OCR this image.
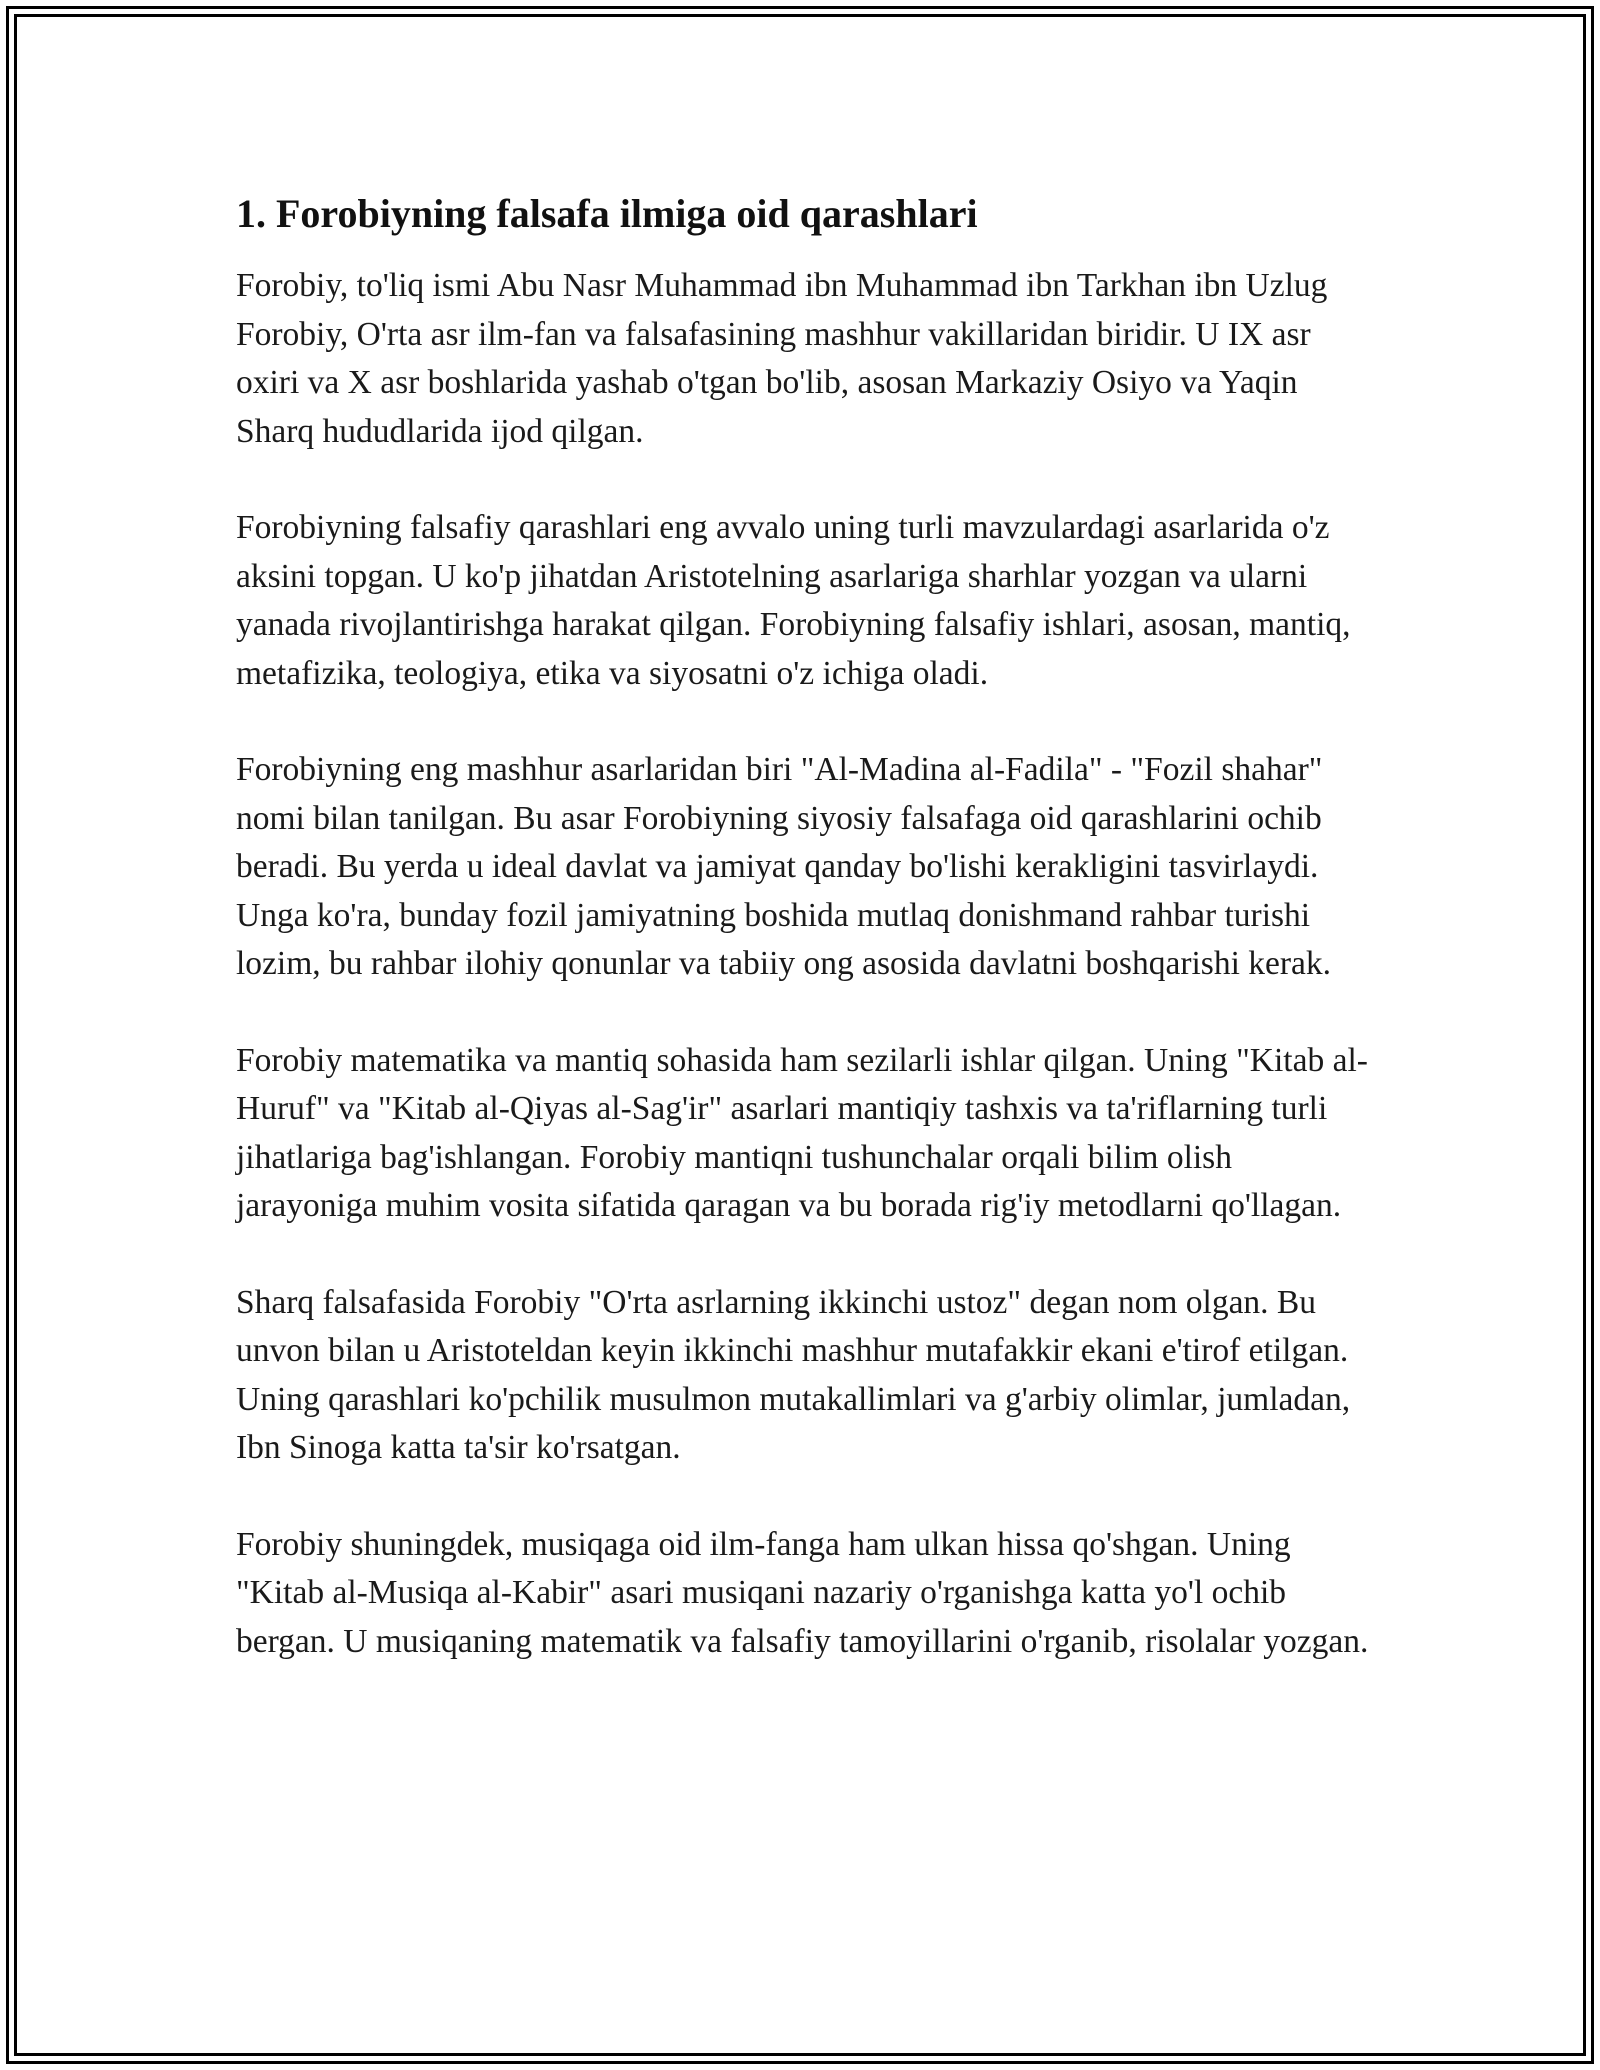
1. Forobiyning falsafa ilmiga oid qarashlari

Forobiy, to'liq ismi Abu Nasr Muhammad ibn Muhammad ibn Tarkhan ibn Uzlug Forobiy, O'rta asr ilm-fan va falsafasining mashhur vakillaridan biridir. U IX asr oxiri va X asr boshlarida yashab o'tgan bo'lib, asosan Markaziy Osiyo va Yaqin Sharq hududlarida ijod qilgan.

Forobiyning falsafiy qarashlari eng avvalo uning turli mavzulardagi asarlarida o'z aksini topgan. U ko'p jihatdan Aristotelning asarlariga sharhlar yozgan va ularni yanada rivojlantirishga harakat qilgan. Forobiyning falsafiy ishlari, asosan, mantiq, metafizika, teologiya, etika va siyosatni o'z ichiga oladi.

Forobiyning eng mashhur asarlaridan biri "Al-Madina al-Fadila" - "Fozil shahar" nomi bilan tanilgan. Bu asar Forobiyning siyosiy falsafaga oid qarashlarini ochib beradi. Bu yerda u ideal davlat va jamiyat qanday bo'lishi kerakligini tasvirlaydi. Unga ko'ra, bunday fozil jamiyatning boshida mutlaq donishmand rahbar turishi lozim, bu rahbar ilohiy qonunlar va tabiiy ong asosida davlatni boshqarishi kerak.

Forobiy matematika va mantiq sohasida ham sezilarli ishlar qilgan. Uning "Kitab al-Huruf" va "Kitab al-Qiyas al-Sag'ir" asarlari mantiqiy tashxis va ta'riflarning turli jihatlariga bag'ishlangan. Forobiy mantiqni tushunchalar orqali bilim olish jarayoniga muhim vosita sifatida qaragan va bu borada rig'iy metodlarni qo'llagan.

Sharq falsafasida Forobiy "O'rta asrlarning ikkinchi ustoz" degan nom olgan. Bu unvon bilan u Aristoteldan keyin ikkinchi mashhur mutafakkir ekani e'tirof etilgan. Uning qarashlari ko'pchilik musulmon mutakallimlari va g'arbiy olimlar, jumladan, Ibn Sinoga katta ta'sir ko'rsatgan.

Forobiy shuningdek, musiqaga oid ilm-fanga ham ulkan hissa qo'shgan. Uning "Kitab al-Musiqa al-Kabir" asari musiqani nazariy o'rganishga katta yo'l ochib bergan. U musiqaning matematik va falsafiy tamoyillarini o'rganib, risolalar yozgan.
